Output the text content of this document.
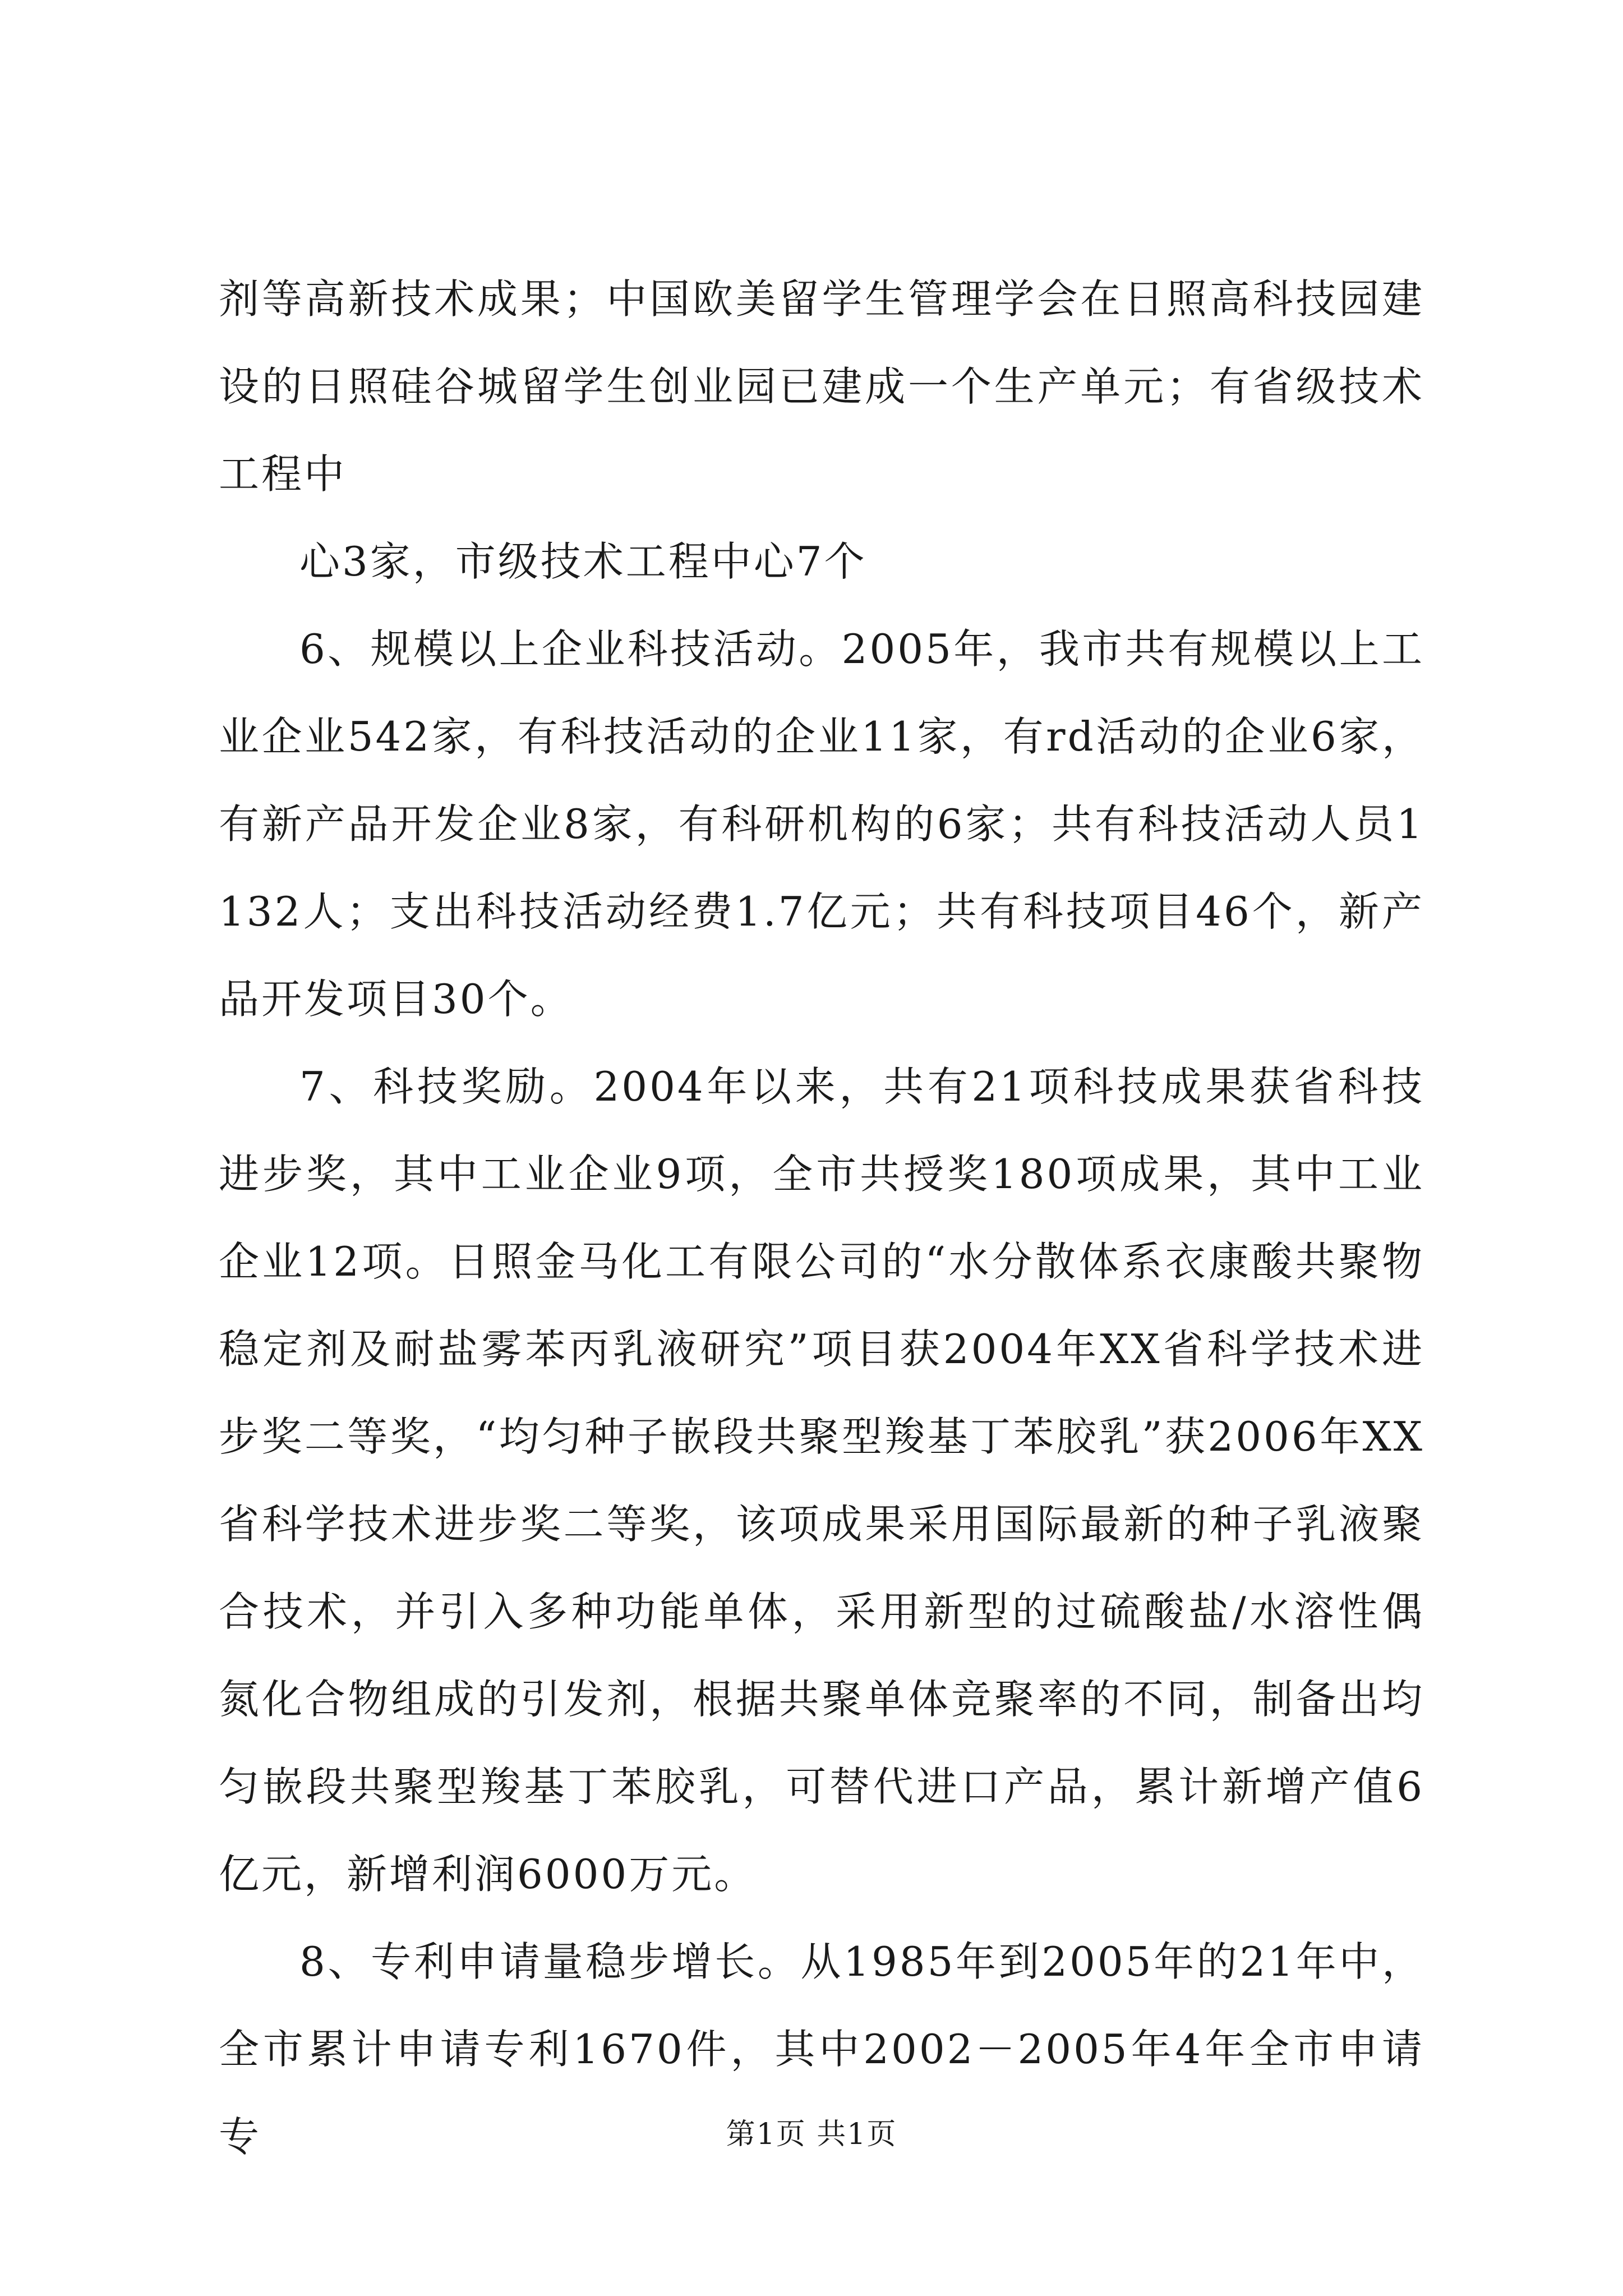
剂等高新技术成果；中国欧美留学生管理学会在日照高科技园建设的日照硅谷城留学生创业园已建成一个生产单元；有省级技术工程中

心3家，市级技术工程中心7个

6、规模以上企业科技活动。2005年，我市共有规模以上工业企业542家，有科技活动的企业11家，有rd活动的企业6家，有新产品开发企业8家，有科研机构的6家；共有科技活动人员1132人；支出科技活动经费1.7亿元；共有科技项目46个，新产品开发项目30个。

7、科技奖励。2004年以来，共有21项科技成果获省科技进步奖，其中工业企业9项，全市共授奖180项成果，其中工业企业12项。日照金马化工有限公司的“水分散体系衣康酸共聚物稳定剂及耐盐雾苯丙乳液研究”项目获2004年XX省科学技术进步奖二等奖，“均匀种子嵌段共聚型羧基丁苯胶乳”获2006年XX省科学技术进步奖二等奖，该项成果采用国际最新的种子乳液聚合技术，并引入多种功能单体，采用新型的过硫酸盐/水溶性偶氮化合物组成的引发剂，根据共聚单体竞聚率的不同，制备出均匀嵌段共聚型羧基丁苯胶乳，可替代进口产品，累计新增产值6亿元，新增利润6000万元。

8、专利申请量稳步增长。从1985年到2005年的21年中，全市累计申请专利1670件，其中2002－2005年4年全市申请专	第1页 共1页
